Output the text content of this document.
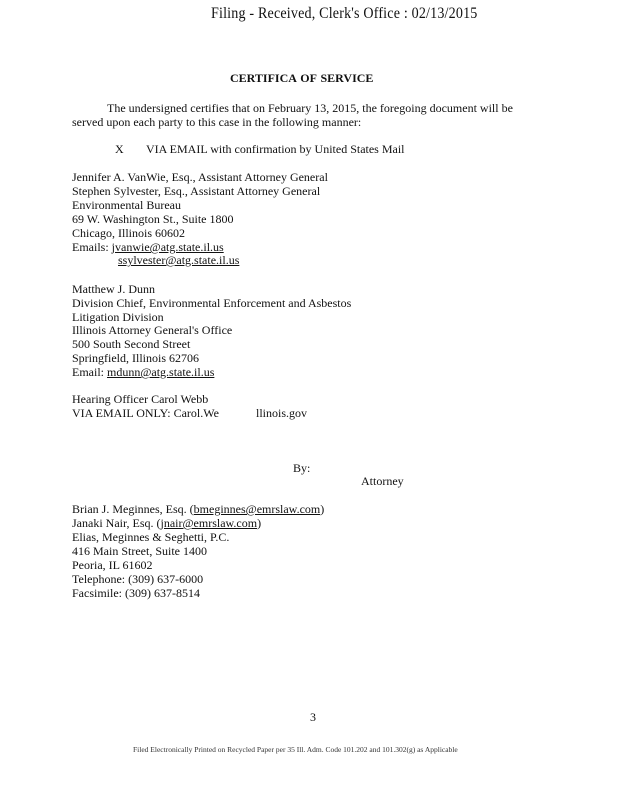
Filing - Received, Clerk's Office : 02/13/2015
CERTIFICA OF SERVICE
The undersigned certifies that on February 13, 2015, the foregoing document will be
served upon each party to this case in the following manner:
X VIA EMAIL with confirmation by United States Mail
Jennifer A. VanWie, Esq., Assistant Attorney General
Stephen Sylvester, Esq., Assistant Attorney General
Environmental Bureau
69 W. Washington St., Suite 1800
Chicago, Illinois 60602
Emails: jvanwie@atg.state.il.us
ssylvester@atg.state.il.us
Matthew J. Dunn
Division Chief, Environmental Enforcement and Asbestos
Litigation Division
Illinois Attorney General's Office
500 South Second Street
Springfield, Illinois 62706
Email: mdunn@atg.state.il.us
Hearing Officer Carol Webb
VIA EMAIL ONLY: Carol.We	llinois.gov
By:
Attorney
Brian J. Meginnes, Esq. (bmeginnes@emrslaw.com)
Janaki Nair, Esq. (jnair@emrslaw.com)
Elias, Meginnes & Seghetti, P.C.
416 Main Street, Suite 1400
Peoria, IL 61602
Telephone: (309) 637-6000
Facsimile: (309) 637-8514
3
Filed Electronically Printed on Recycled Paper per 35 Ill. Adm. Code 101.202 and 101.302(g) as Applicable
